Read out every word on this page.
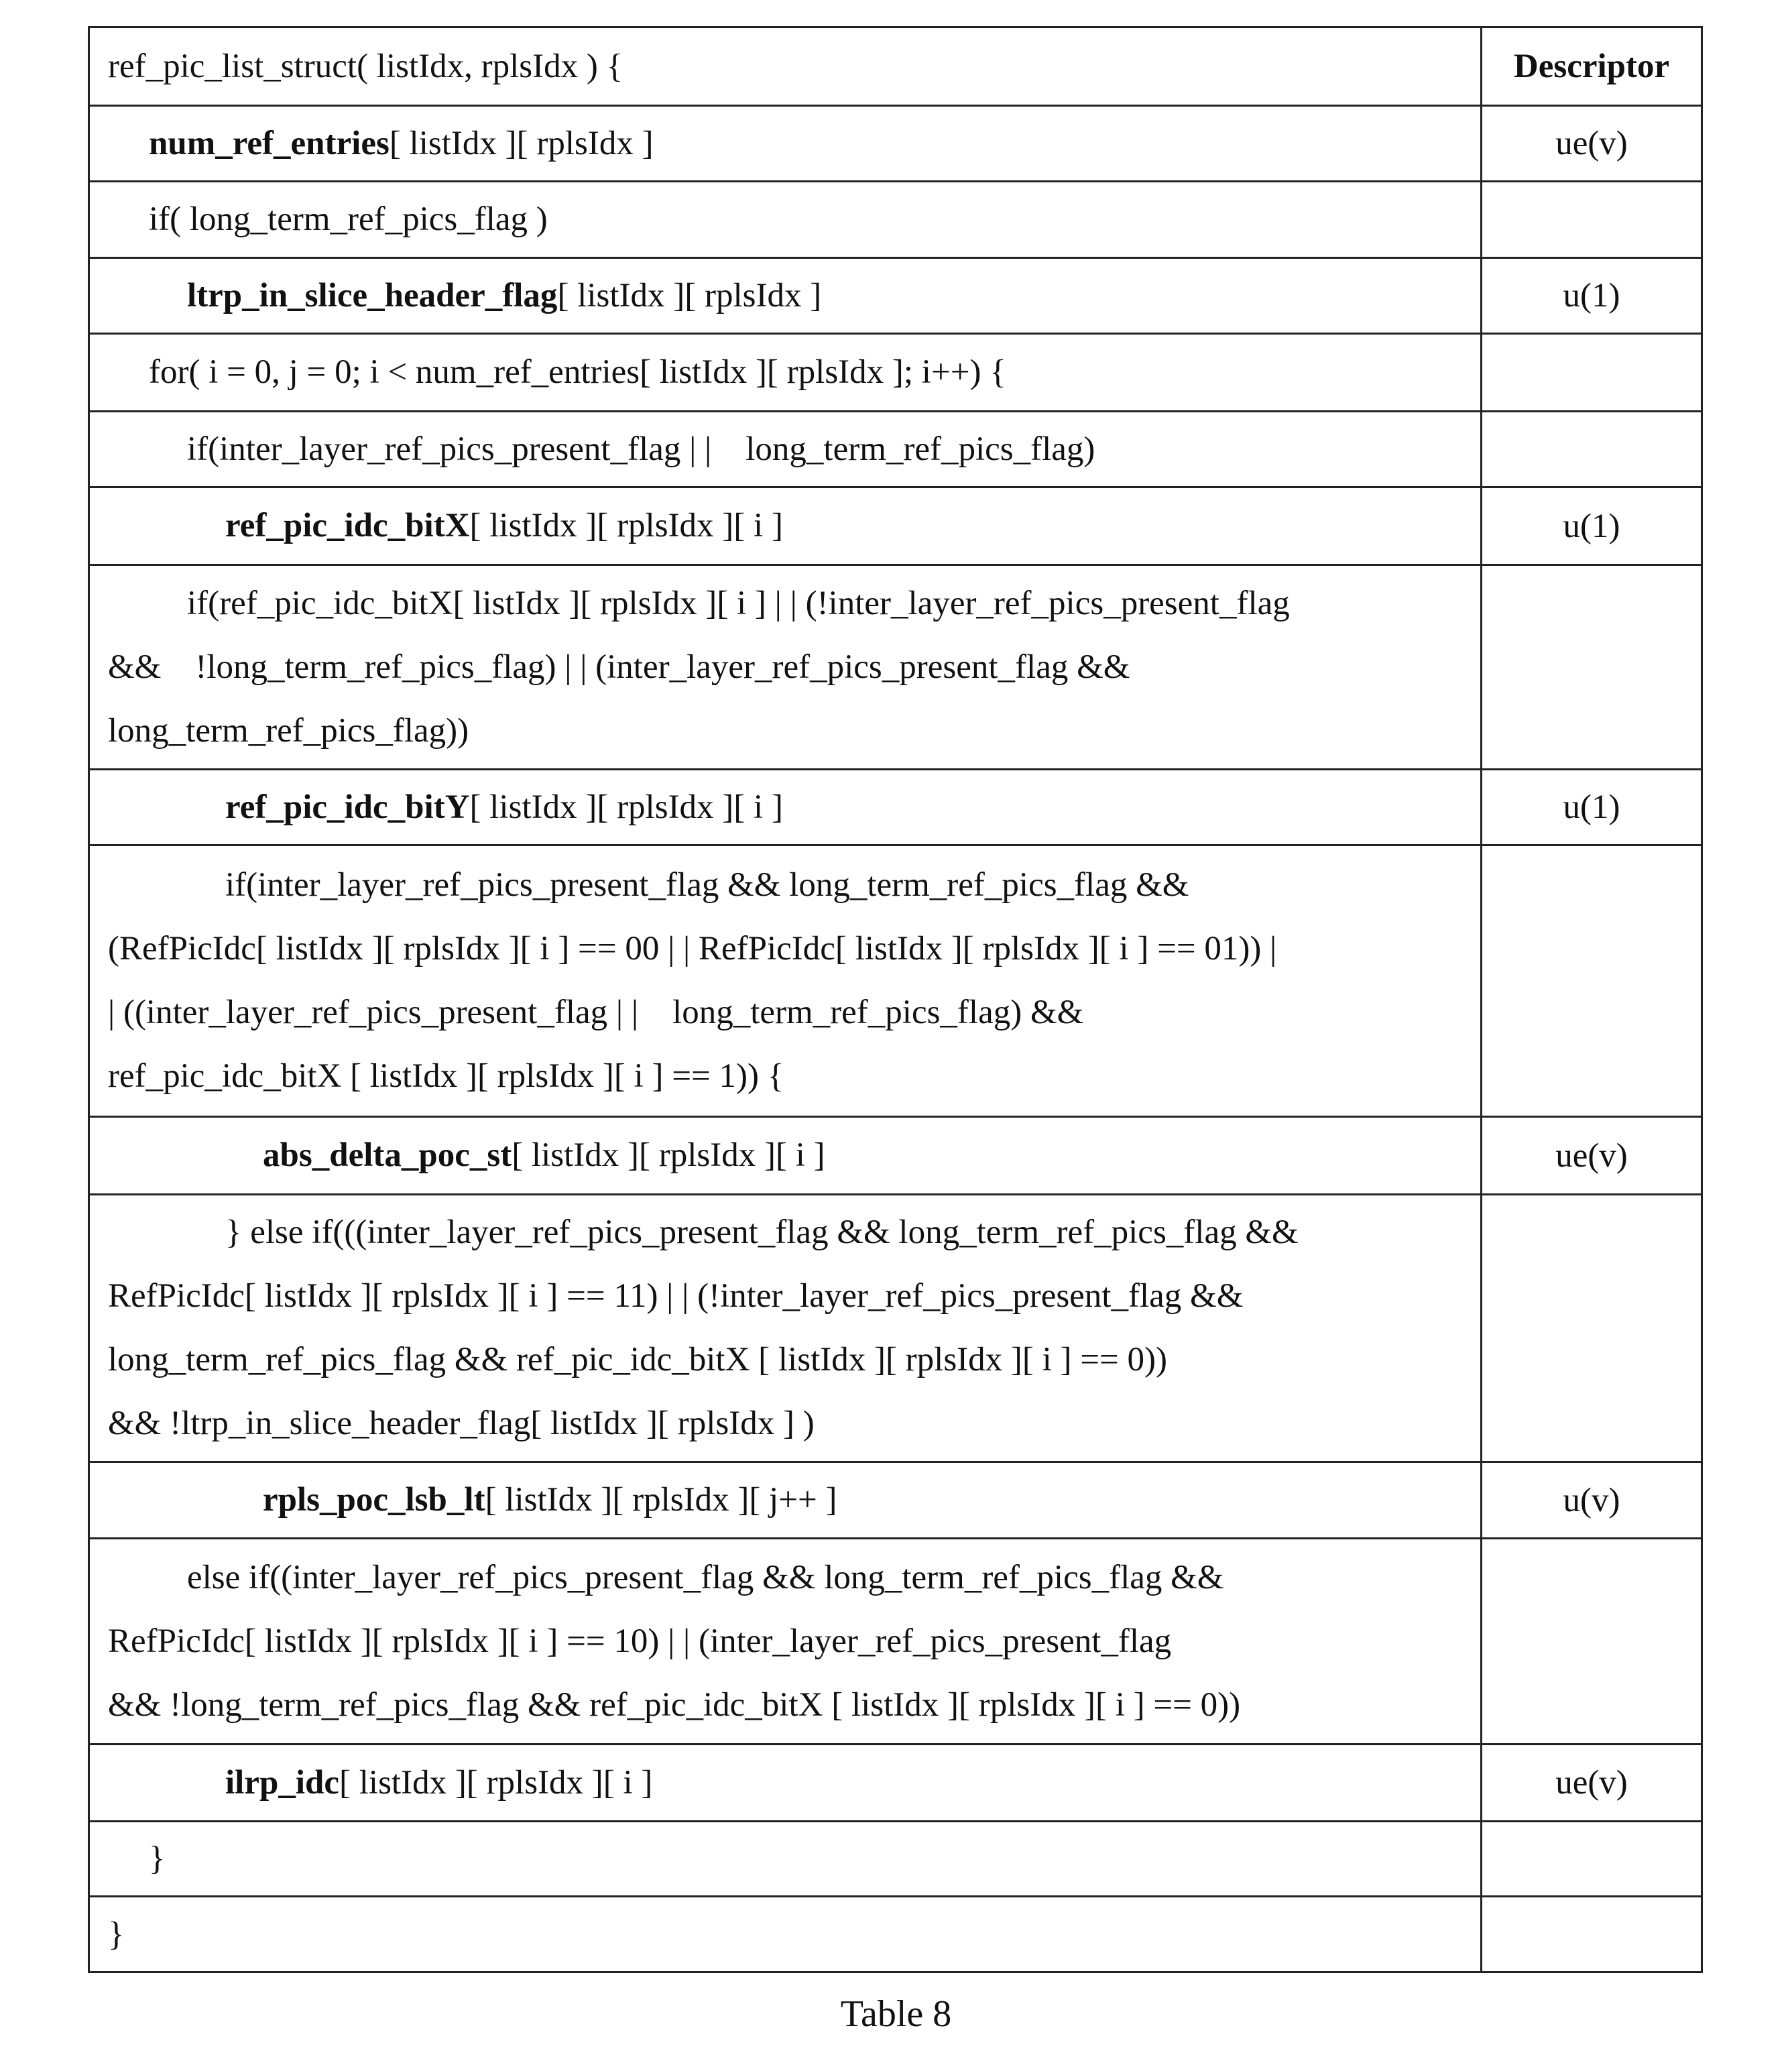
ref_pic_list_struct( listIdx, rplsIdx ) {	Descriptor
num_ref_entries[ listIdx ][ rplsIdx ]	ue(v)
if( long_term_ref_pics_flag )
ltrp_in_slice_header_flag[ listIdx ][ rplsIdx ]	u(1)
for( i = 0, j = 0; i < num_ref_entries[ listIdx ][ rplsIdx ]; i++) {
if(inter_layer_ref_pics_present_flag | |    long_term_ref_pics_flag)
ref_pic_idc_bitX[ listIdx ][ rplsIdx ][ i ]	u(1)
if(ref_pic_idc_bitX[ listIdx ][ rplsIdx ][ i ] | | (!inter_layer_ref_pics_present_flag
&&    !long_term_ref_pics_flag) | | (inter_layer_ref_pics_present_flag &&
long_term_ref_pics_flag))
ref_pic_idc_bitY[ listIdx ][ rplsIdx ][ i ]	u(1)
if(inter_layer_ref_pics_present_flag && long_term_ref_pics_flag &&
(RefPicIdc[ listIdx ][ rplsIdx ][ i ] == 00 | | RefPicIdc[ listIdx ][ rplsIdx ][ i ] == 01)) |
| ((inter_layer_ref_pics_present_flag | |    long_term_ref_pics_flag) &&
ref_pic_idc_bitX [ listIdx ][ rplsIdx ][ i ] == 1)) {
abs_delta_poc_st[ listIdx ][ rplsIdx ][ i ]	ue(v)
} else if(((inter_layer_ref_pics_present_flag && long_term_ref_pics_flag &&
RefPicIdc[ listIdx ][ rplsIdx ][ i ] == 11) | | (!inter_layer_ref_pics_present_flag &&
long_term_ref_pics_flag && ref_pic_idc_bitX [ listIdx ][ rplsIdx ][ i ] == 0))
&& !ltrp_in_slice_header_flag[ listIdx ][ rplsIdx ] )
rpls_poc_lsb_lt[ listIdx ][ rplsIdx ][ j++ ]	u(v)
else if((inter_layer_ref_pics_present_flag && long_term_ref_pics_flag &&
RefPicIdc[ listIdx ][ rplsIdx ][ i ] == 10) | | (inter_layer_ref_pics_present_flag
&& !long_term_ref_pics_flag && ref_pic_idc_bitX [ listIdx ][ rplsIdx ][ i ] == 0))
ilrp_idc[ listIdx ][ rplsIdx ][ i ]	ue(v)
}
}
Table 8
